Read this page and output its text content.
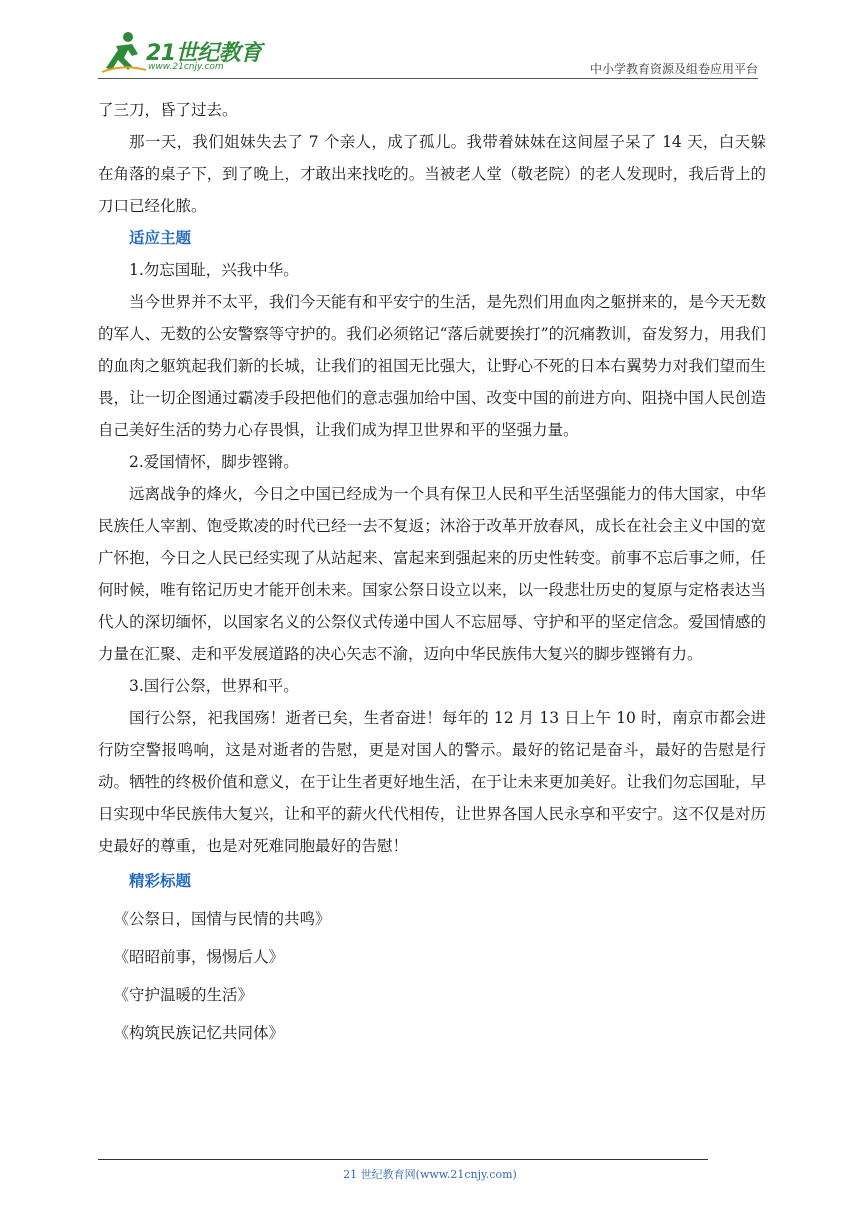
21世纪教育
www.21cnjy.com	中小学教育资源及组卷应用平台

了三刀，昏了过去。

那一天，我们姐妹失去了 7 个亲人，成了孤儿。我带着妹妹在这间屋子呆了 14 天，白天躲在角落的桌子下，到了晚上，才敢出来找吃的。当被老人堂（敬老院）的老人发现时，我后背上的刀口已经化脓。

适应主题

1.勿忘国耻，兴我中华。

当今世界并不太平，我们今天能有和平安宁的生活，是先烈们用血肉之躯拼来的，是今天无数的军人、无数的公安警察等守护的。我们必须铭记“落后就要挨打”的沉痛教训，奋发努力，用我们的血肉之躯筑起我们新的长城，让我们的祖国无比强大，让野心不死的日本右翼势力对我们望而生畏，让一切企图通过霸凌手段把他们的意志强加给中国、改变中国的前进方向、阻挠中国人民创造自己美好生活的势力心存畏惧，让我们成为捍卫世界和平的坚强力量。

2.爱国情怀，脚步铿锵。

远离战争的烽火，今日之中国已经成为一个具有保卫人民和平生活坚强能力的伟大国家，中华民族任人宰割、饱受欺凌的时代已经一去不复返；沐浴于改革开放春风，成长在社会主义中国的宽广怀抱，今日之人民已经实现了从站起来、富起来到强起来的历史性转变。前事不忘后事之师，任何时候，唯有铭记历史才能开创未来。国家公祭日设立以来，以一段悲壮历史的复原与定格表达当代人的深切缅怀，以国家名义的公祭仪式传递中国人不忘屈辱、守护和平的坚定信念。爱国情感的力量在汇聚、走和平发展道路的决心矢志不渝，迈向中华民族伟大复兴的脚步铿锵有力。

3.国行公祭，世界和平。

国行公祭，祀我国殇！逝者已矣，生者奋进！每年的 12 月 13 日上午 10 时，南京市都会进行防空警报鸣响，这是对逝者的告慰，更是对国人的警示。最好的铭记是奋斗，最好的告慰是行动。牺牲的终极价值和意义，在于让生者更好地生活，在于让未来更加美好。让我们勿忘国耻，早日实现中华民族伟大复兴，让和平的薪火代代相传，让世界各国人民永享和平安宁。这不仅是对历史最好的尊重，也是对死难同胞最好的告慰！

精彩标题

《公祭日，国情与民情的共鸣》

《昭昭前事，惕惕后人》

《守护温暖的生活》

《构筑民族记忆共同体》

21 世纪教育网(www.21cnjy.com)
